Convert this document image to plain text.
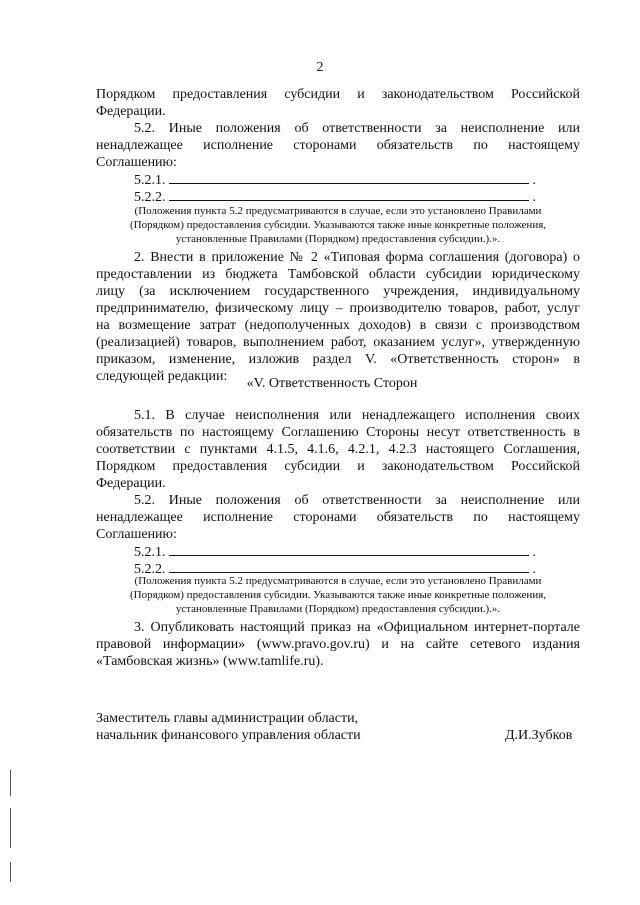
2
Порядком предоставления субсидии и законодательством Российской
Федерации.
5.2. Иные положения об ответственности за неисполнение или
ненадлежащее исполнение сторонами обязательств по настоящему
Соглашению:
5.2.1.	.
5.2.2.	.
(Положения пункта 5.2 предусматриваются в случае, если это установлено Правилами
(Порядком) предоставления субсидии. Указываются также иные конкретные положения,
установленные Правилами (Порядком) предоставления субсидии.).».
2. Внести в приложение № 2 «Типовая форма соглашения (договора) о
предоставлении из бюджета Тамбовской области субсидии юридическому
лицу (за исключением государственного учреждения, индивидуальному
предпринимателю, физическому лицу – производителю товаров, работ, услуг
на возмещение затрат (недополученных доходов) в связи с производством
(реализацией) товаров, выполнением работ, оказанием услуг», утвержденную
приказом, изменение, изложив раздел V. «Ответственность сторон» в
следующей редакции:	«V. Ответственность Сторон
5.1. В случае неисполнения или ненадлежащего исполнения своих
обязательств по настоящему Соглашению Стороны несут ответственность в
соответствии с пунктами 4.1.5, 4.1.6, 4.2.1, 4.2.3 настоящего Соглашения,
Порядком предоставления субсидии и законодательством Российской
Федерации.
5.2. Иные положения об ответственности за неисполнение или
ненадлежащее исполнение сторонами обязательств по настоящему
Соглашению:
5.2.1.	.
5.2.2.	.
(Положения пункта 5.2 предусматриваются в случае, если это установлено Правилами
(Порядком) предоставления субсидии. Указываются также иные конкретные положения,
установленные Правилами (Порядком) предоставления субсидии.).».
3. Опубликовать настоящий приказ на «Официальном интернет-портале
правовой информации» (www.pravo.gov.ru) и на сайте сетевого издания
«Тамбовская жизнь» (www.tamlife.ru).
Заместитель главы администрации области,
начальник финансового управления области	Д.И.Зубков
